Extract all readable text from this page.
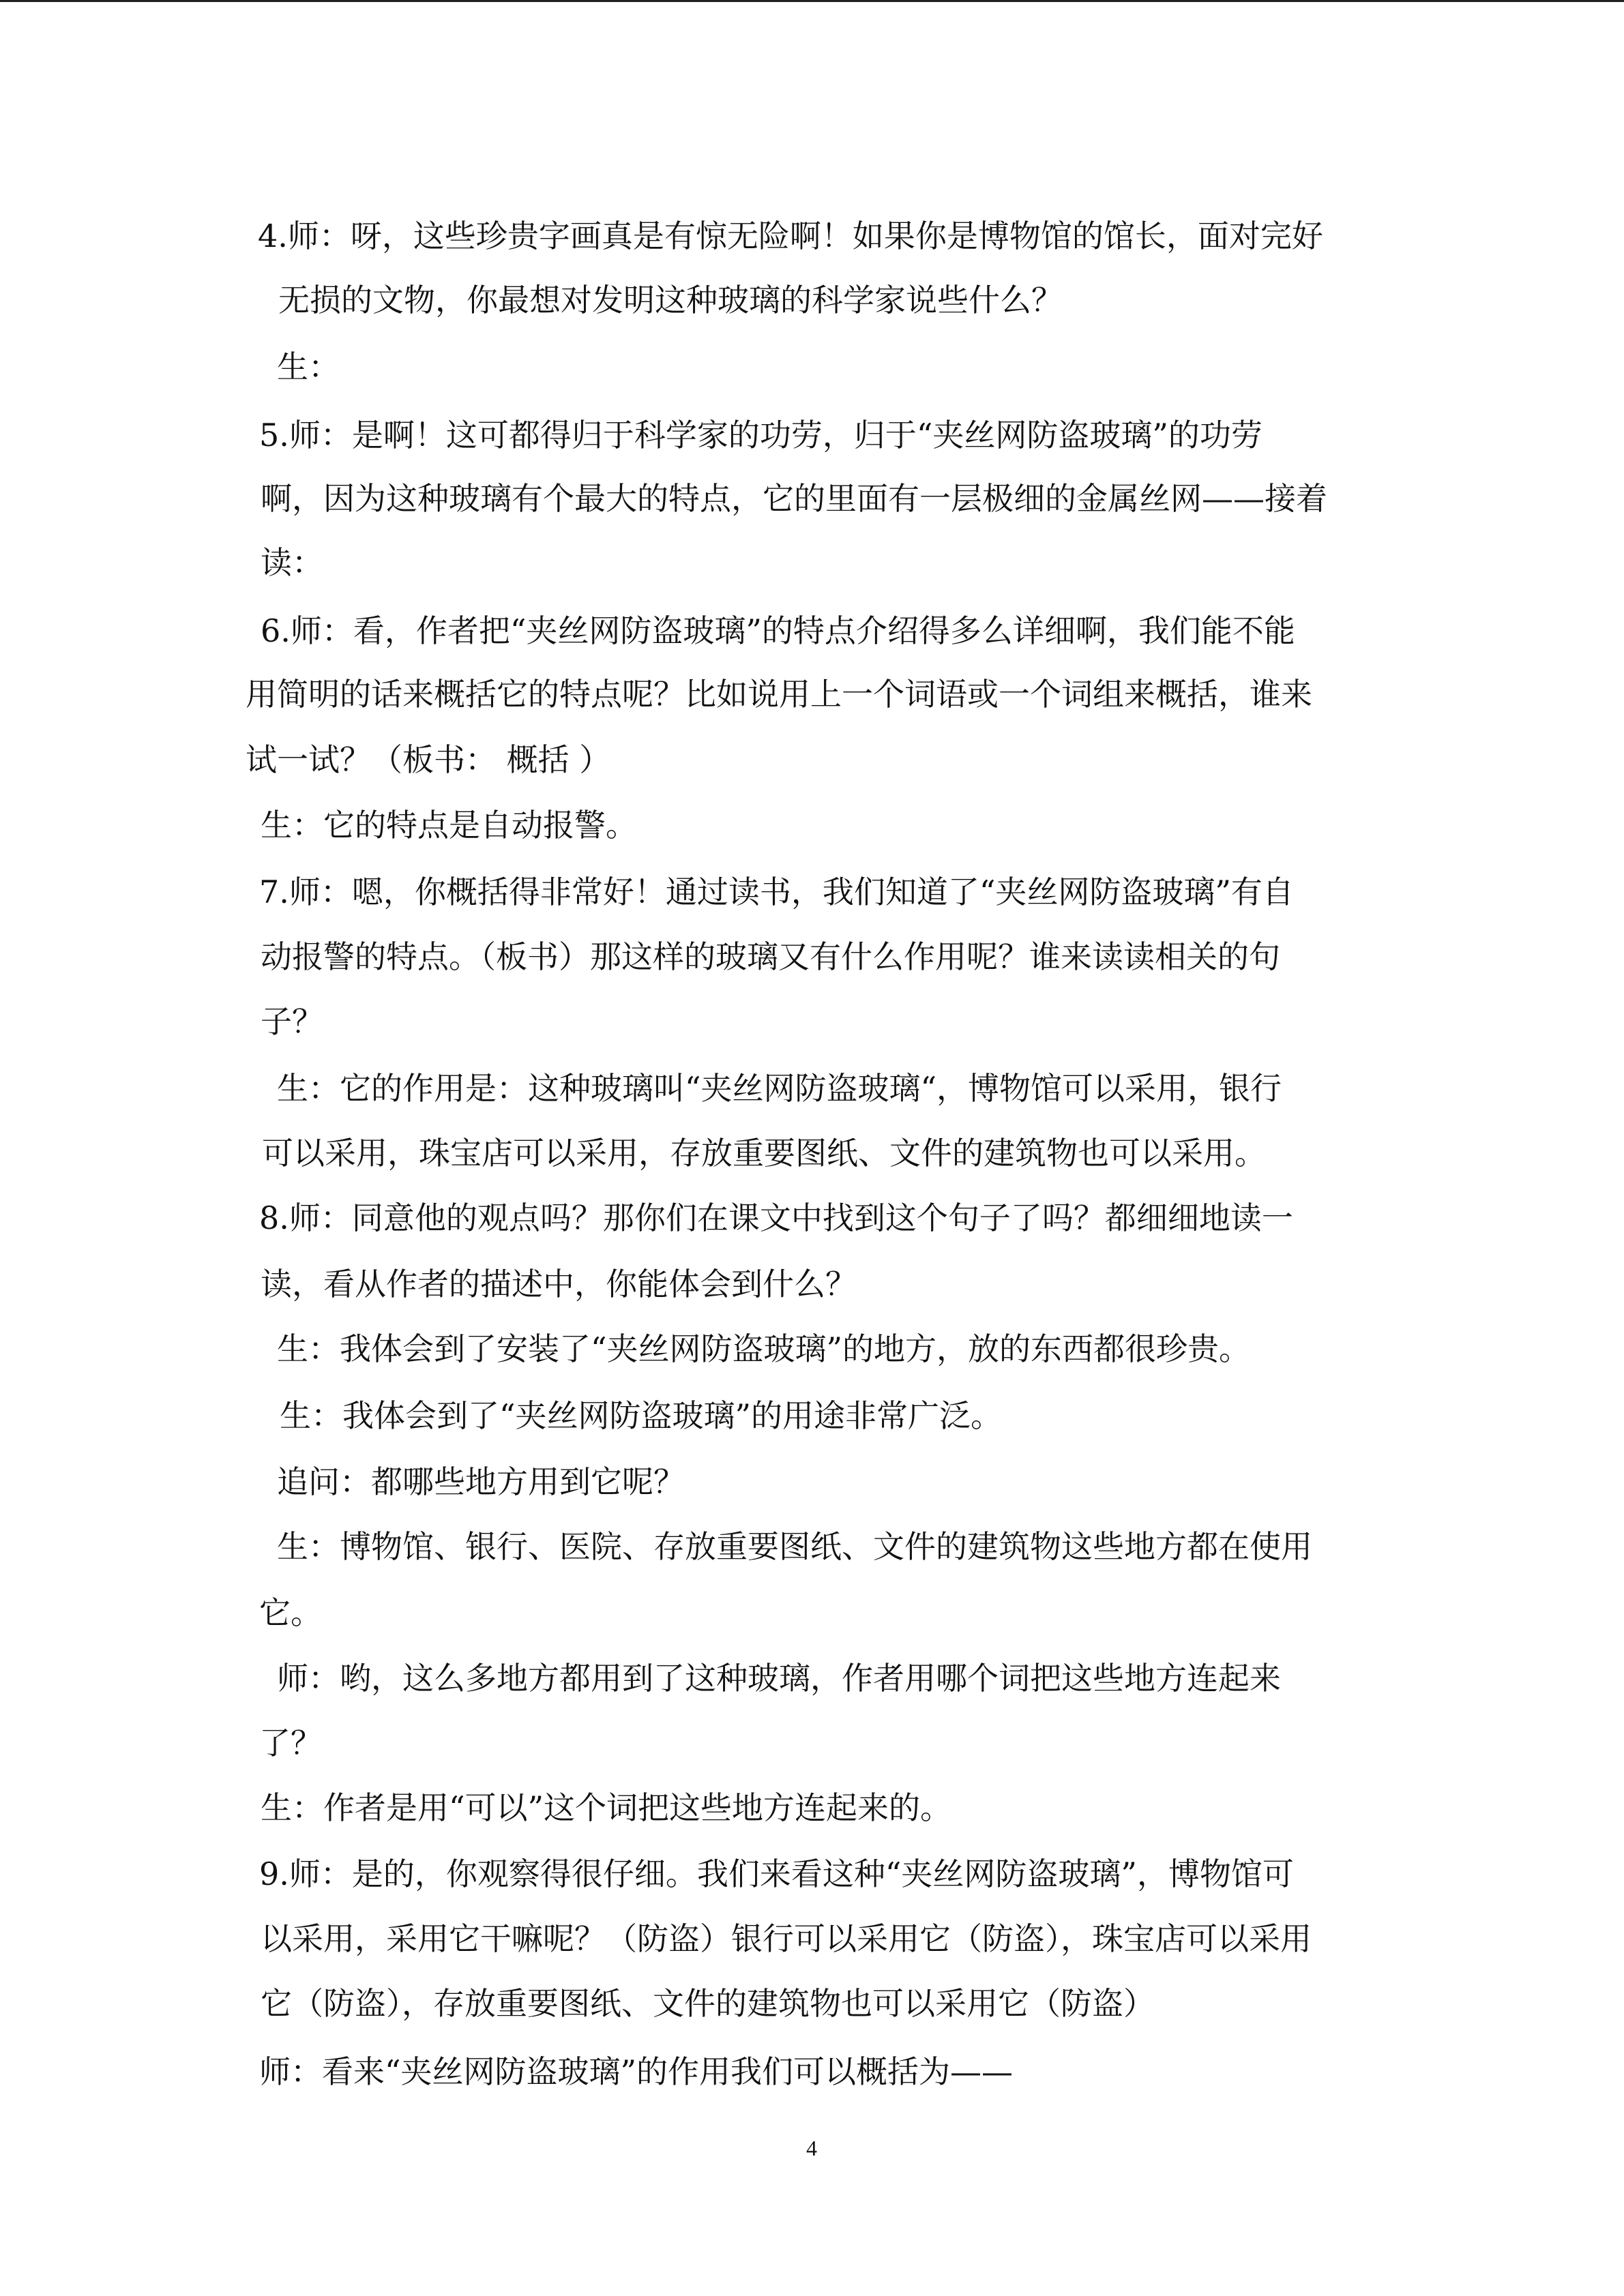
4.师：呀，这些珍贵字画真是有惊无险啊！如果你是博物馆的馆长，面对完好
无损的文物，你最想对发明这种玻璃的科学家说些什么？
生：
5.师：是啊！这可都得归于科学家的功劳，归于“夹丝网防盗玻璃”的功劳
啊，因为这种玻璃有个最大的特点，它的里面有一层极细的金属丝网——接着
读：
6.师：看，作者把“夹丝网防盗玻璃”的特点介绍得多么详细啊，我们能不能
用简明的话来概括它的特点呢？比如说用上一个词语或一个词组来概括，谁来
试一试？（板书： 概括 ）
生：它的特点是自动报警。
7.师：嗯，你概括得非常好！通过读书，我们知道了“夹丝网防盗玻璃”有自
动报警的特点。（板书）那这样的玻璃又有什么作用呢？谁来读读相关的句
子？
生：它的作用是：这种玻璃叫“夹丝网防盗玻璃“，博物馆可以采用，银行
可以采用，珠宝店可以采用，存放重要图纸、文件的建筑物也可以采用。
8.师：同意他的观点吗？那你们在课文中找到这个句子了吗？都细细地读一
读，看从作者的描述中，你能体会到什么？
生：我体会到了安装了“夹丝网防盗玻璃”的地方，放的东西都很珍贵。
生：我体会到了“夹丝网防盗玻璃”的用途非常广泛。
追问：都哪些地方用到它呢？
生：博物馆、银行、医院、存放重要图纸、文件的建筑物这些地方都在使用
它。
师：哟，这么多地方都用到了这种玻璃，作者用哪个词把这些地方连起来
了？
生：作者是用“可以”这个词把这些地方连起来的。
9.师：是的，你观察得很仔细。我们来看这种“夹丝网防盗玻璃”，博物馆可
以采用，采用它干嘛呢？（防盗）银行可以采用它（防盗），珠宝店可以采用
它（防盗），存放重要图纸、文件的建筑物也可以采用它（防盗）
师：看来“夹丝网防盗玻璃”的作用我们可以概括为——
4
